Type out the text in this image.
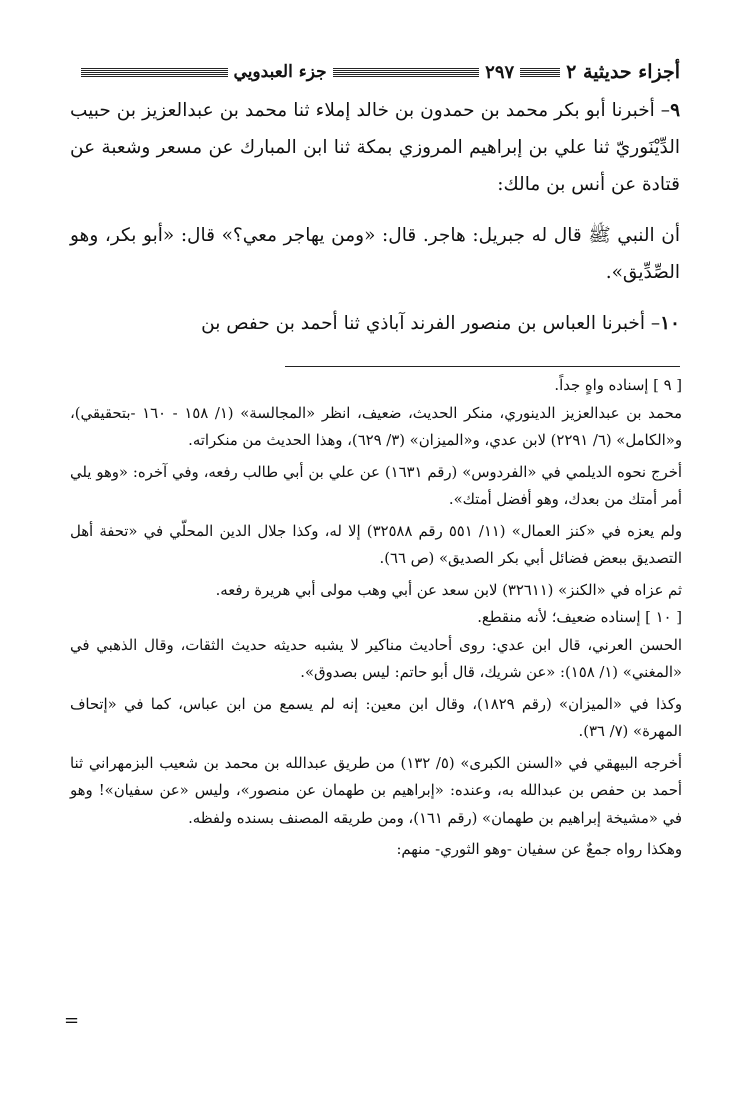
أجزاء حديثية ٢
٢٩٧
جزء العبدويي

٩– أخبرنا أبو بكر محمد بن حمدون بن خالد إملاء ثنا محمد بن عبدالعزيز بن حبيب الدِّيْنَوريّ ثنا علي بن إبراهيم المروزي بمكة ثنا ابن المبارك عن مسعر وشعبة عن قتادة عن أنس بن مالك:

أن النبي ﷺ قال له جبريل: هاجر. قال: «ومن يهاجر معي؟» قال: «أبو بكر، وهو الصِّدِّيق».

١٠– أخبرنا العباس بن منصور الفرند آباذي ثنا أحمد بن حفص بن

[ ٩ ] إسناده واهٍ جداً.

محمد بن عبدالعزيز الدينوري، منكر الحديث، ضعيف، انظر «المجالسة» (١/ ١٥٨ - ١٦٠ -بتحقيقي)، و«الكامل» (٦/ ٢٢٩١) لابن عدي، و«الميزان» (٣/ ٦٢٩)، وهذا الحديث من منكراته.

أخرج نحوه الديلمي في «الفردوس» (رقم ١٦٣١) عن علي بن أبي طالب رفعه، وفي آخره: «وهو يلي أمر أمتك من بعدك، وهو أفضل أمتك».

ولم يعزه في «كنز العمال» (١١/ ٥٥١ رقم ٣٢٥٨٨) إلا له، وكذا جلال الدين المحلّي في «تحفة أهل التصديق ببعض فضائل أبي بكر الصديق» (ص ٦٦).

ثم عزاه في «الكنز» (٣٢٦١١) لابن سعد عن أبي وهب مولى أبي هريرة رفعه.

[ ١٠ ] إسناده ضعيف؛ لأنه منقطع.

الحسن العرني، قال ابن عدي: روى أحاديث مناكير لا يشبه حديثه حديث الثقات، وقال الذهبي في «المغني» (١/ ١٥٨): «عن شريك، قال أبو حاتم: ليس بصدوق».

وكذا في «الميزان» (رقم ١٨٢٩)، وقال ابن معين: إنه لم يسمع من ابن عباس، كما في «إتحاف المهرة» (٧/ ٣٦).

أخرجه البيهقي في «السنن الكبرى» (٥/ ١٣٢) من طريق عبدالله بن محمد بن شعيب البزمهراني ثنا أحمد بن حفص بن عبدالله به، وعنده: «إبراهيم بن طهمان عن منصور»، وليس «عن سفيان»! وهو في «مشيخة إبراهيم بن طهمان» (رقم ١٦١)، ومن طريقه المصنف بسنده ولفظه.

وهكذا رواه جمعٌ عن سفيان -وهو الثوري- منهم:

=
